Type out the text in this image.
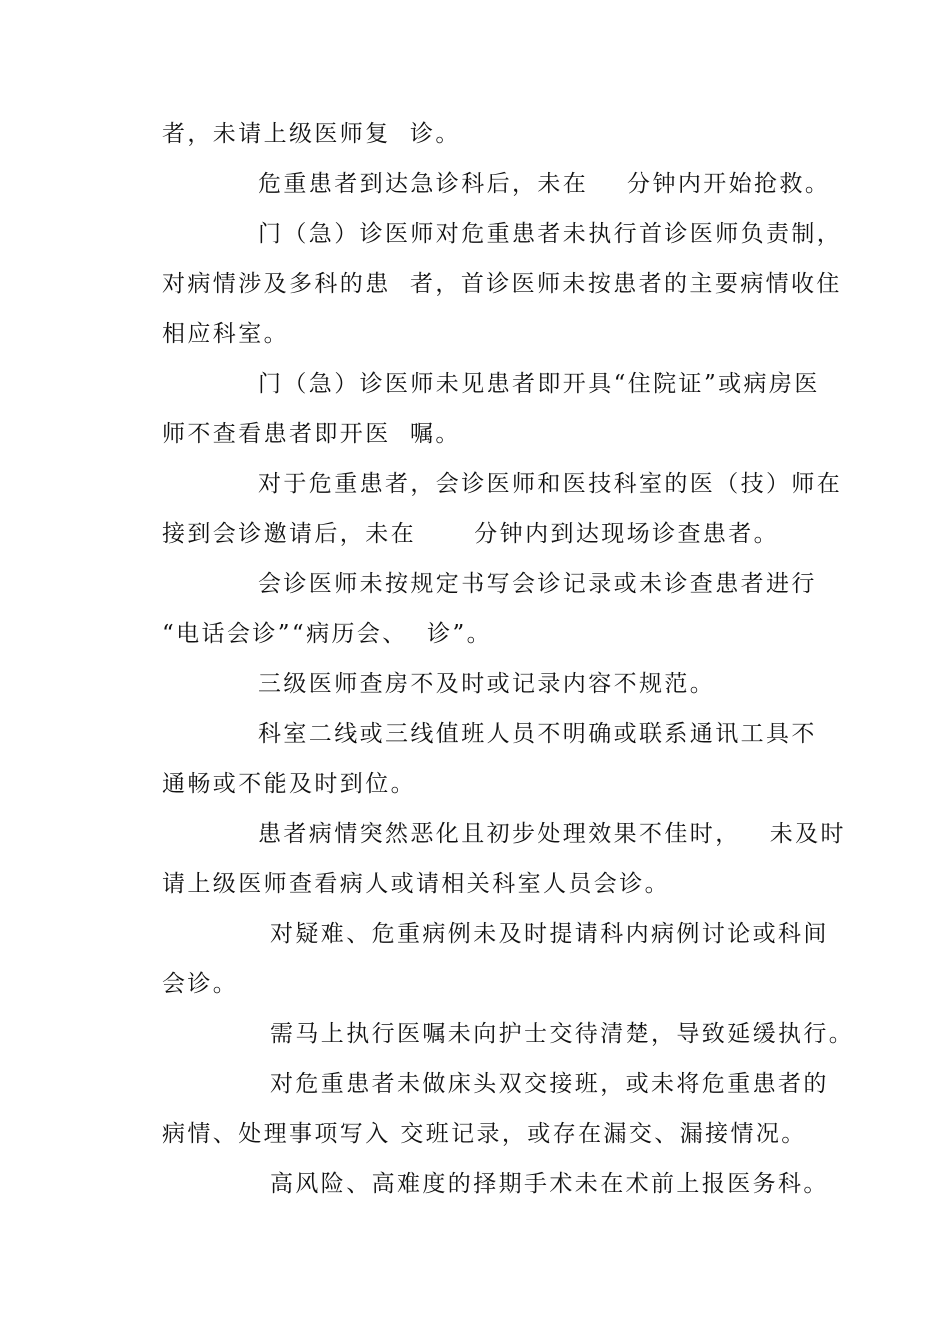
者，未请上级医师复  诊。
危重患者到达急诊科后，未在    分钟内开始抢救。
门（急）诊医师对危重患者未执行首诊医师负责制，
对病情涉及多科的患  者，首诊医师未按患者的主要病情收住
相应科室。
门（急）诊医师未见患者即开具“住院证”或病房医
师不查看患者即开医  嘱。
对于危重患者，会诊医师和医技科室的医（技）师在
接到会诊邀请后，未在      分钟内到达现场诊查患者。
会诊医师未按规定书写会诊记录或未诊查患者进行
“电话会诊”“病历会、  诊”。
三级医师查房不及时或记录内容不规范。
科室二线或三线值班人员不明确或联系通讯工具不
通畅或不能及时到位。
患者病情突然恶化且初步处理效果不佳时，   未及时
请上级医师查看病人或请相关科室人员会诊。
对疑难、危重病例未及时提请科内病例讨论或科间
会诊。
需马上执行医嘱未向护士交待清楚，导致延缓执行。
对危重患者未做床头双交接班，或未将危重患者的
病情、处理事项写入 交班记录，或存在漏交、漏接情况。
高风险、高难度的择期手术未在术前上报医务科。
